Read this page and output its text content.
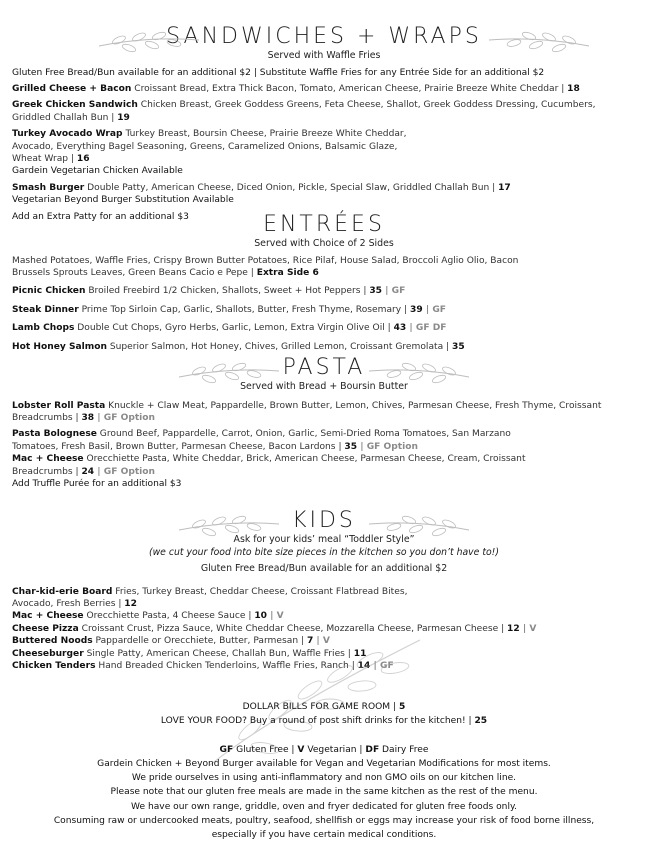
SANDWICHES + WRAPS
Served with Waffle Fries
Gluten Free Bread/Bun available for an additional $2 | Substitute Waffle Fries for any Entrée Side for an additional $2
Grilled Cheese + Bacon Croissant Bread, Extra Thick Bacon, Tomato, American Cheese, Prairie Breeze White Cheddar | 18
Greek Chicken Sandwich Chicken Breast, Greek Goddess Greens, Feta Cheese, Shallot, Greek Goddess Dressing, Cucumbers, Griddled Challah Bun | 19
Turkey Avocado Wrap Turkey Breast, Boursin Cheese, Prairie Breeze White Cheddar, Avocado, Everything Bagel Seasoning, Greens, Caramelized Onions, Balsamic Glaze, Wheat Wrap | 16
Gardein Vegetarian Chicken Available
Smash Burger Double Patty, American Cheese, Diced Onion, Pickle, Special Slaw, Griddled Challah Bun | 17
Vegetarian Beyond Burger Substitution Available
Add an Extra Patty for an additional $3	ENTRÉES
Served with Choice of 2 Sides
Mashed Potatoes, Waffle Fries, Crispy Brown Butter Potatoes, Rice Pilaf, House Salad, Broccoli Aglio Olio, Bacon Brussels Sprouts Leaves, Green Beans Cacio e Pepe | Extra Side 6
Picnic Chicken Broiled Freebird 1/2 Chicken, Shallots, Sweet + Hot Peppers | 35 | GF
Steak Dinner Prime Top Sirloin Cap, Garlic, Shallots, Butter, Fresh Thyme, Rosemary | 39 | GF
Lamb Chops Double Cut Chops, Gyro Herbs, Garlic, Lemon, Extra Virgin Olive Oil | 43 | GF DF
Hot Honey Salmon Superior Salmon, Hot Honey, Chives, Grilled Lemon, Croissant Gremolata | 35
PASTA
Served with Bread + Boursin Butter
Lobster Roll Pasta Knuckle + Claw Meat, Pappardelle, Brown Butter, Lemon, Chives, Parmesan Cheese, Fresh Thyme, Croissant Breadcrumbs | 38 | GF Option
Pasta Bolognese Ground Beef, Pappardelle, Carrot, Onion, Garlic, Semi-Dried Roma Tomatoes, San Marzano Tomatoes, Fresh Basil, Brown Butter, Parmesan Cheese, Bacon Lardons | 35 | GF Option
Mac + Cheese Orecchiette Pasta, White Cheddar, Brick, American Cheese, Parmesan Cheese, Cream, Croissant Breadcrumbs | 24 | GF Option
Add Truffle Purée for an additional $3
KIDS
Ask for your kids’ meal “Toddler Style”
(we cut your food into bite size pieces in the kitchen so you don’t have to!)
Gluten Free Bread/Bun available for an additional $2
Char-kid-erie Board Fries, Turkey Breast, Cheddar Cheese, Croissant Flatbread Bites, Avocado, Fresh Berries | 12
Mac + Cheese Orecchiette Pasta, 4 Cheese Sauce | 10 | V
Cheese Pizza Croissant Crust, Pizza Sauce, White Cheddar Cheese, Mozzarella Cheese, Parmesan Cheese | 12 | V
Buttered Noods Pappardelle or Orecchiete, Butter, Parmesan | 7 | V
Cheeseburger Single Patty, American Cheese, Challah Bun, Waffle Fries | 11
Chicken Tenders Hand Breaded Chicken Tenderloins, Waffle Fries, Ranch | 14 | GF
DOLLAR BILLS FOR GAME ROOM | 5
LOVE YOUR FOOD? Buy a round of post shift drinks for the kitchen! | 25
GF Gluten Free | V Vegetarian | DF Dairy Free
Gardein Chicken + Beyond Burger available for Vegan and Vegetarian Modifications for most items.
We pride ourselves in using anti-inflammatory and non GMO oils on our kitchen line.
Please note that our gluten free meals are made in the same kitchen as the rest of the menu.
We have our own range, griddle, oven and fryer dedicated for gluten free foods only.
Consuming raw or undercooked meats, poultry, seafood, shellfish or eggs may increase your risk of food borne illness,
especially if you have certain medical conditions.
